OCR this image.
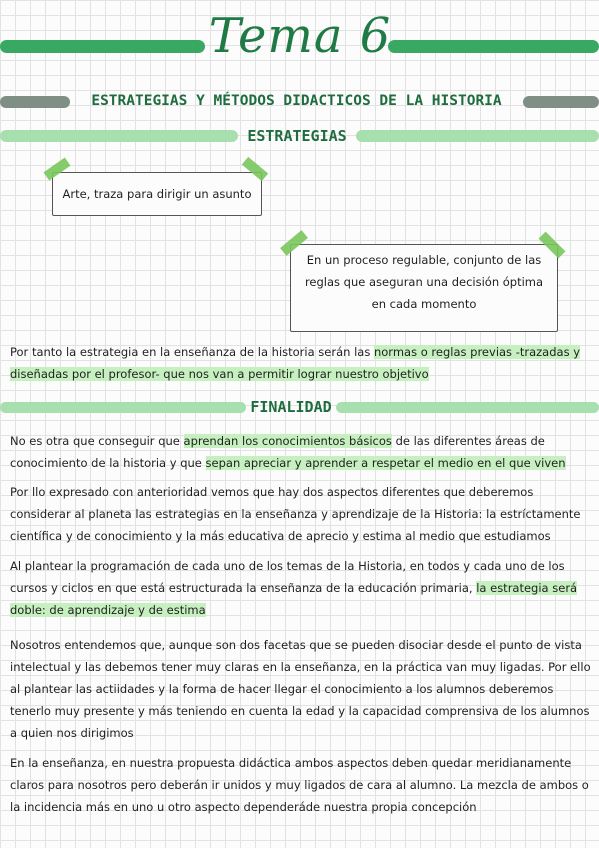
Tema 6
ESTRATEGIAS Y MÉTODOS DIDACTICOS DE LA HISTORIA
ESTRATEGIAS
Arte, traza para dirigir un asunto
En un proceso regulable, conjunto de las reglas que aseguran una decisión óptima en cada momento

Por tanto la estrategia en la enseñanza de la historia serán las normas o reglas previas -trazadas y diseñadas por el profesor- que nos van a permitir lograr nuestro objetivo

FINALIDAD

No es otra que conseguir que aprendan los conocimientos básicos de las diferentes áreas de conocimiento de la historia y que sepan apreciar y aprender a respetar el medio en el que viven

Por llo expresado con anterioridad vemos que hay dos aspectos diferentes que deberemos considerar al planeta las estrategias en la enseñanza y aprendizaje de la Historia: la estríctamente científica y de conocimiento y la más educativa de aprecio y estima al medio que estudiamos

Al plantear la programación de cada uno de los temas de la Historia, en todos y cada uno de los cursos y ciclos en que está estructurada la enseñanza de la educación primaria, la estrategia será doble: de aprendizaje y de estima

Nosotros entendemos que, aunque son dos facetas que se pueden disociar desde el punto de vista intelectual y las debemos tener muy claras en la enseñanza, en la práctica van muy ligadas. Por ello al plantear las actiidades y la forma de hacer llegar el conocimiento a los alumnos deberemos tenerlo muy presente y más teniendo en cuenta la edad y la capacidad comprensiva de los alumnos a quien nos dirigimos

En la enseñanza, en nuestra propuesta didáctica ambos aspectos deben quedar meridianamente claros para nosotros pero deberán ir unidos y muy ligados de cara al alumno. La mezcla de ambos o la incidencia más en uno u otro aspecto dependeráde nuestra propia concepción
